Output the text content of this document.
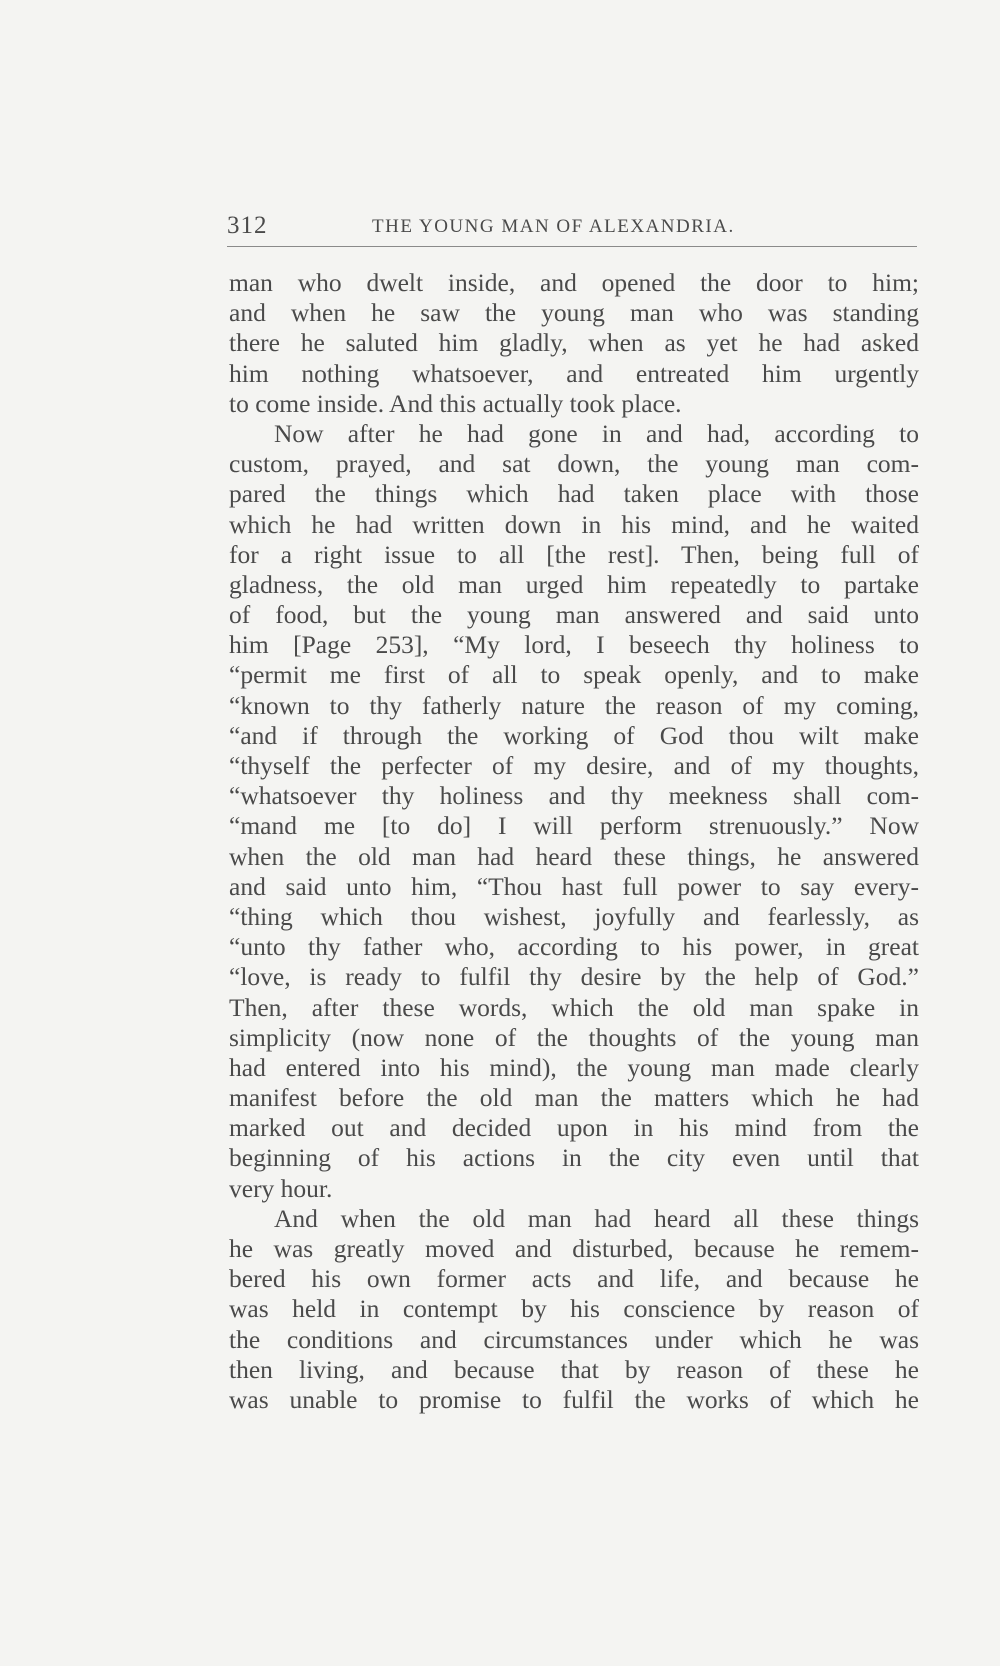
312	THE YOUNG MAN OF ALEXANDRIA.
man who dwelt inside, and opened the door to him;
and when he saw the young man who was standing
there he saluted him gladly, when as yet he had asked
him nothing whatsoever, and entreated him urgently
to come inside. And this actually took place.
Now after he had gone in and had, according to
custom, prayed, and sat down, the young man com-
pared the things which had taken place with those
which he had written down in his mind, and he waited
for a right issue to all [the rest]. Then, being full of
gladness, the old man urged him repeatedly to partake
of food, but the young man answered and said unto
him [Page 253], “My lord, I beseech thy holiness to
“permit me first of all to speak openly, and to make
“known to thy fatherly nature the reason of my coming,
“and if through the working of God thou wilt make
“thyself the perfecter of my desire, and of my thoughts,
“whatsoever thy holiness and thy meekness shall com-
“mand me [to do] I will perform strenuously.” Now
when the old man had heard these things, he answered
and said unto him, “Thou hast full power to say every-
“thing which thou wishest, joyfully and fearlessly, as
“unto thy father who, according to his power, in great
“love, is ready to fulfil thy desire by the help of God.”
Then, after these words, which the old man spake in
simplicity (now none of the thoughts of the young man
had entered into his mind), the young man made clearly
manifest before the old man the matters which he had
marked out and decided upon in his mind from the
beginning of his actions in the city even until that
very hour.
And when the old man had heard all these things
he was greatly moved and disturbed, because he remem-
bered his own former acts and life, and because he
was held in contempt by his conscience by reason of
the conditions and circumstances under which he was
then living, and because that by reason of these he
was unable to promise to fulfil the works of which he
